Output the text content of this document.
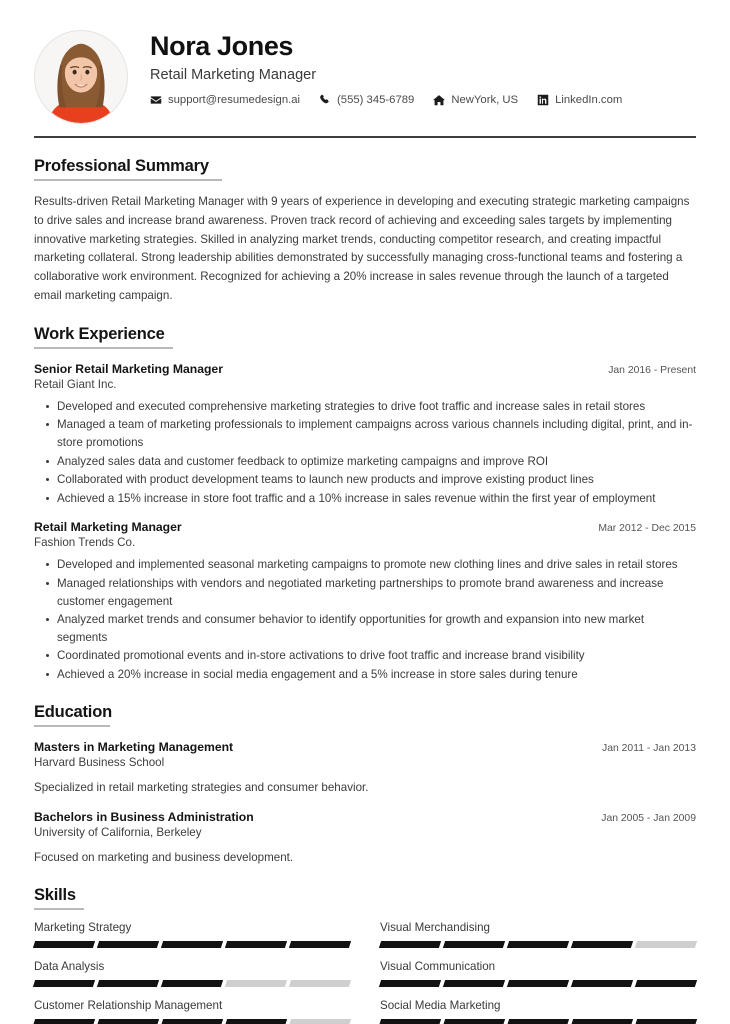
Nora Jones
Retail Marketing Manager
support@resumedesign.ai	(555) 345-6789	NewYork, US	LinkedIn.com
Professional Summary
Results-driven Retail Marketing Manager with 9 years of experience in developing and executing strategic marketing campaigns to drive sales and increase brand awareness. Proven track record of achieving and exceeding sales targets by implementing innovative marketing strategies. Skilled in analyzing market trends, conducting competitor research, and creating impactful marketing collateral. Strong leadership abilities demonstrated by successfully managing cross-functional teams and fostering a collaborative work environment. Recognized for achieving a 20% increase in sales revenue through the launch of a targeted email marketing campaign.
Work Experience
Senior Retail Marketing Manager	Jan 2016 - Present
Retail Giant Inc.
Developed and executed comprehensive marketing strategies to drive foot traffic and increase sales in retail stores
Managed a team of marketing professionals to implement campaigns across various channels including digital, print, and in-store promotions
Analyzed sales data and customer feedback to optimize marketing campaigns and improve ROI
Collaborated with product development teams to launch new products and improve existing product lines
Achieved a 15% increase in store foot traffic and a 10% increase in sales revenue within the first year of employment
Retail Marketing Manager	Mar 2012 - Dec 2015
Fashion Trends Co.
Developed and implemented seasonal marketing campaigns to promote new clothing lines and drive sales in retail stores
Managed relationships with vendors and negotiated marketing partnerships to promote brand awareness and increase customer engagement
Analyzed market trends and consumer behavior to identify opportunities for growth and expansion into new market segments
Coordinated promotional events and in-store activations to drive foot traffic and increase brand visibility
Achieved a 20% increase in social media engagement and a 5% increase in store sales during tenure
Education
Masters in Marketing Management	Jan 2011 - Jan 2013
Harvard Business School
Specialized in retail marketing strategies and consumer behavior.
Bachelors in Business Administration	Jan 2005 - Jan 2009
University of California, Berkeley
Focused on marketing and business development.
Skills
Marketing Strategy	Visual Merchandising
Data Analysis	Visual Communication
Customer Relationship Management	Social Media Marketing
